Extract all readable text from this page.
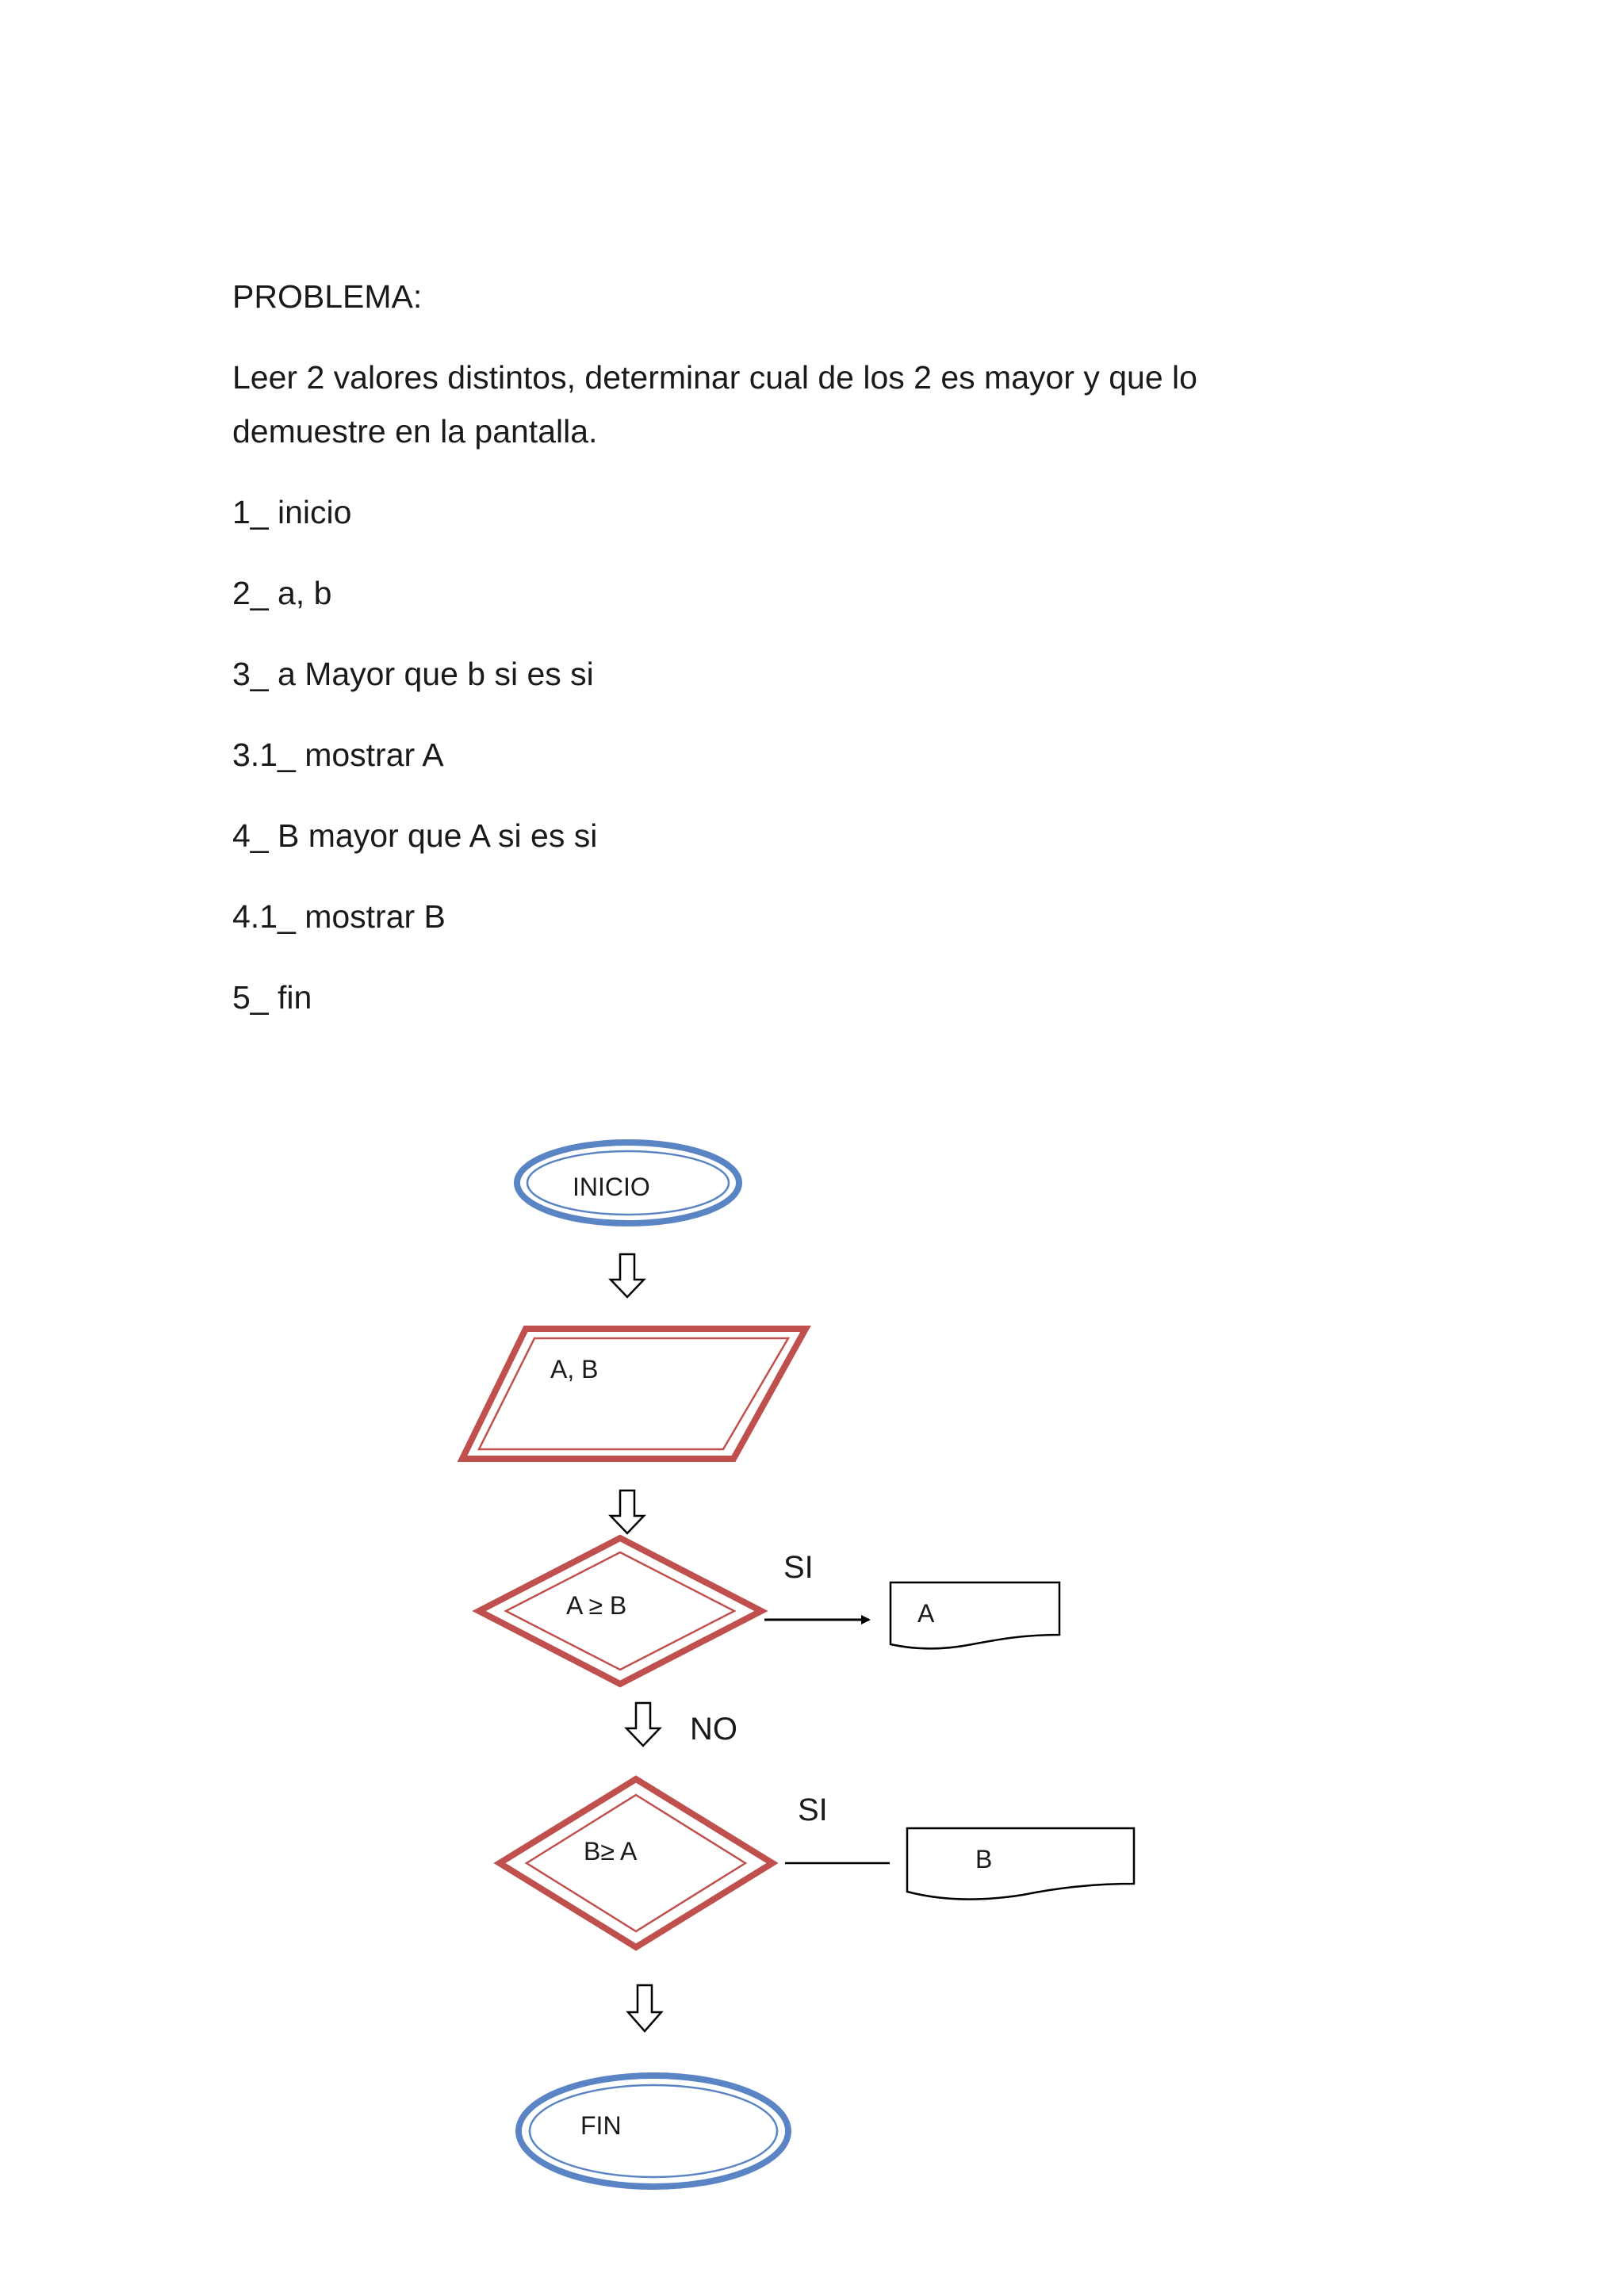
PROBLEMA:

Leer 2 valores distintos, determinar cual de los 2 es mayor y que lo

demuestre en la pantalla.

1_ inicio

2_ a, b

3_ a Mayor que b si es si

3.1_ mostrar A

4_ B mayor que A si es si

4.1_ mostrar B

5_ fin

INICIO
A, B
A ≥ B
SI
A
NO
B≥ A
SI
B
FIN
